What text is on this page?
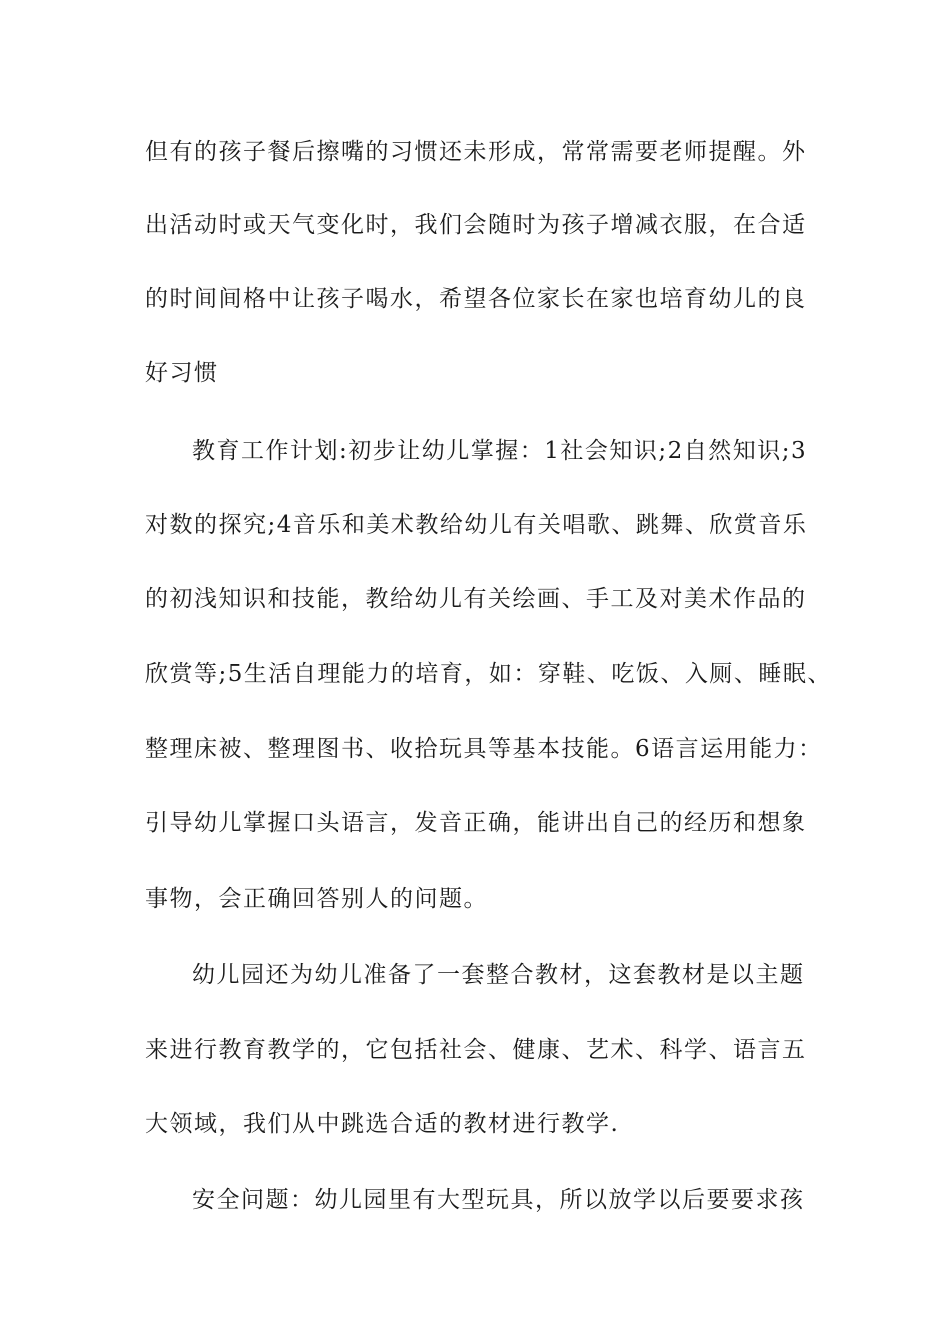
但有的孩子餐后擦嘴的习惯还未形成，常常需要老师提醒。外
出活动时或天气变化时，我们会随时为孩子增减衣服，在合适
的时间间格中让孩子喝水，希望各位家长在家也培育幼儿的良
好习惯
教育工作计划:初步让幼儿掌握：1社会知识;2自然知识;3
对数的探究;4音乐和美术教给幼儿有关唱歌、跳舞、欣赏音乐
的初浅知识和技能，教给幼儿有关绘画、手工及对美术作品的
欣赏等;5生活自理能力的培育，如：穿鞋、吃饭、入厕、睡眠、
整理床被、整理图书、收拾玩具等基本技能。6语言运用能力：
引导幼儿掌握口头语言，发音正确，能讲出自己的经历和想象
事物，会正确回答别人的问题。
幼儿园还为幼儿准备了一套整合教材，这套教材是以主题
来进行教育教学的，它包括社会、健康、艺术、科学、语言五
大领域，我们从中跳选合适的教材进行教学.
安全问题：幼儿园里有大型玩具，所以放学以后要要求孩
